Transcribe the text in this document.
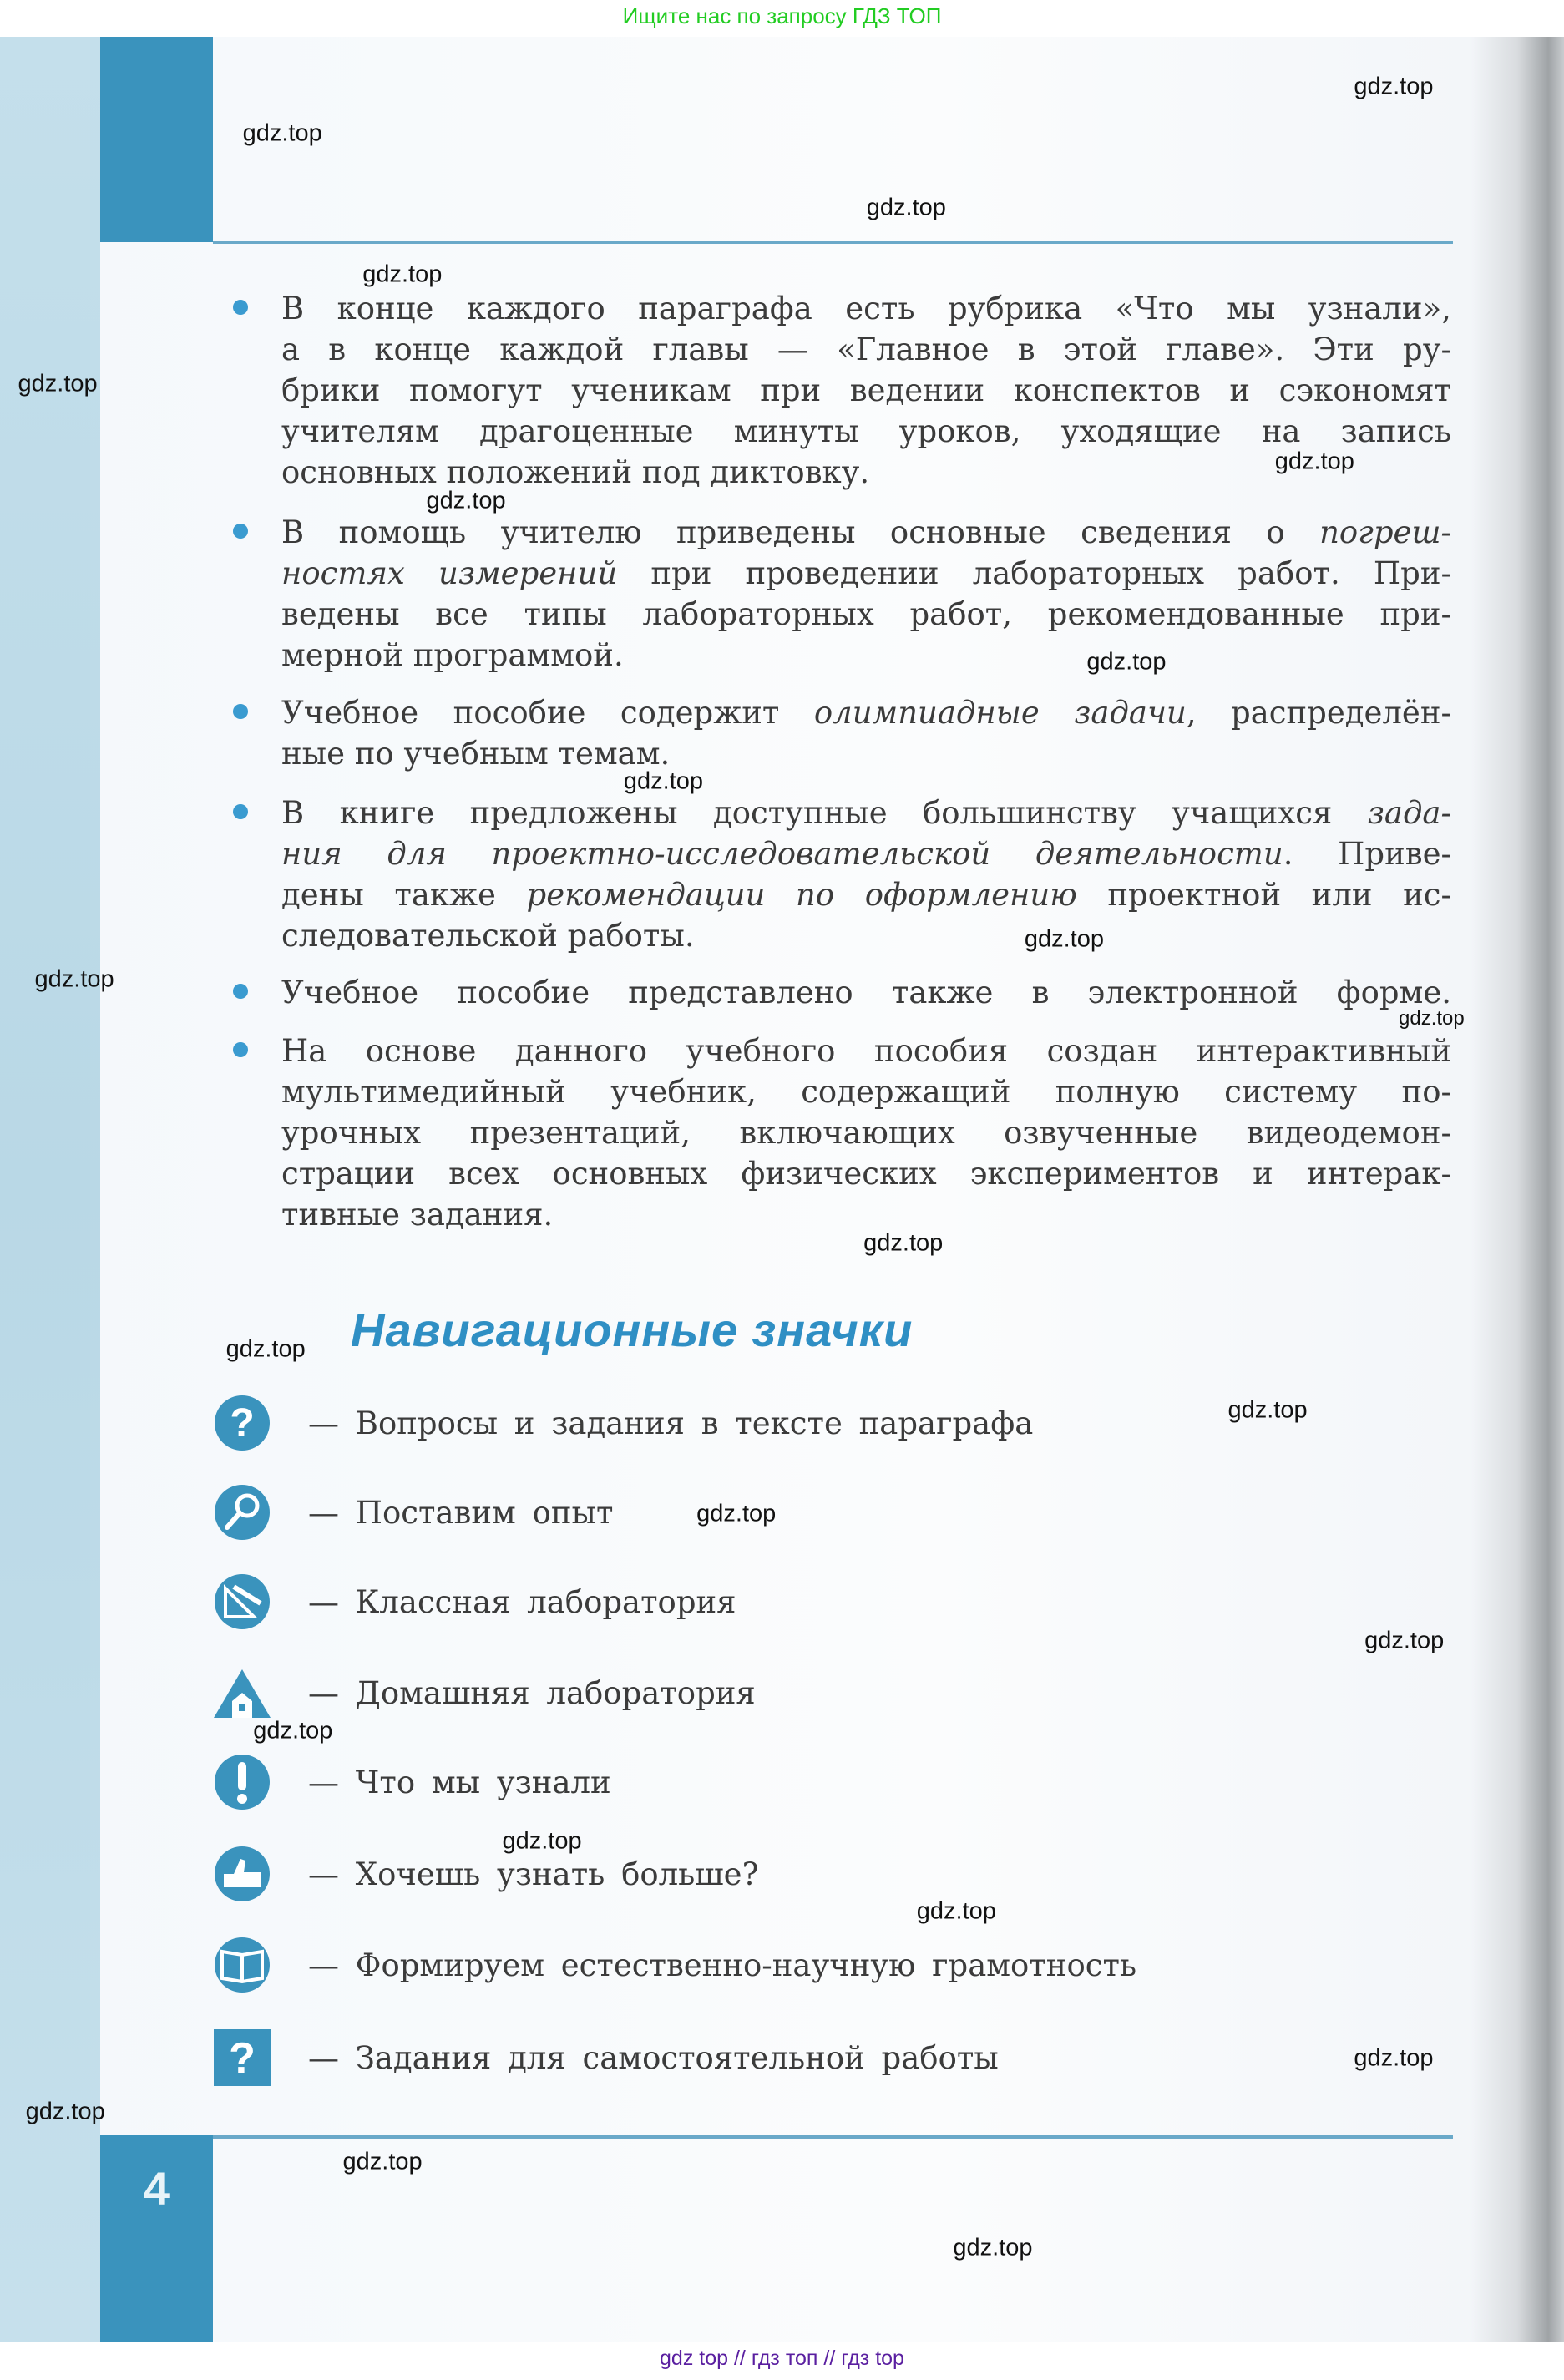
Ищите нас по запросу ГДЗ ТОП
4
В конце каждого параграфа есть рубрика «Что мы узнали»,
а в конце каждой главы — «Главное в этой главе». Эти ру-
брики помогут ученикам при ведении конспектов и сэкономят
учителям драгоценные минуты уроков, уходящие на запись
основных положений под диктовку.
В помощь учителю приведены основные сведения о погреш-
ностях измерений при проведении лабораторных работ. При-
ведены все типы лабораторных работ, рекомендованные при-
мерной программой.
Учебное пособие содержит олимпиадные задачи, распределён-
ные по учебным темам.
В книге предложены доступные большинству учащихся зада-
ния для проектно-исследовательской деятельности. Приве-
дены также рекомендации по оформлению проектной или ис-
следовательской работы.
Учебное пособие представлено также в электронной форме.
На основе данного учебного пособия создан интерактивный
мультимедийный учебник, содержащий полную систему по-
урочных презентаций, включающих озвученные видеодемон-
страции всех основных физических экспериментов и интерак-
тивные задания.
Навигационные значки
? — Вопросы и задания в тексте параграфа
— Поставим опыт
— Классная лаборатория
— Домашняя лаборатория
— Что мы узнали
— Хочешь узнать больше?
— Формируем естественно-научную грамотность
? — Задания для самостоятельной работы
gdz.top
gdz.top
gdz.top
gdz.top
gdz.top
gdz.top
gdz.top
gdz.top
gdz.top
gdz.top
gdz.top
gdz.top
gdz.top
gdz.top
gdz.top
gdz.top
gdz.top
gdz.top
gdz.top
gdz.top
gdz.top
gdz.top
gdz.top
gdz.top
gdz top // гдз топ // гдз top
